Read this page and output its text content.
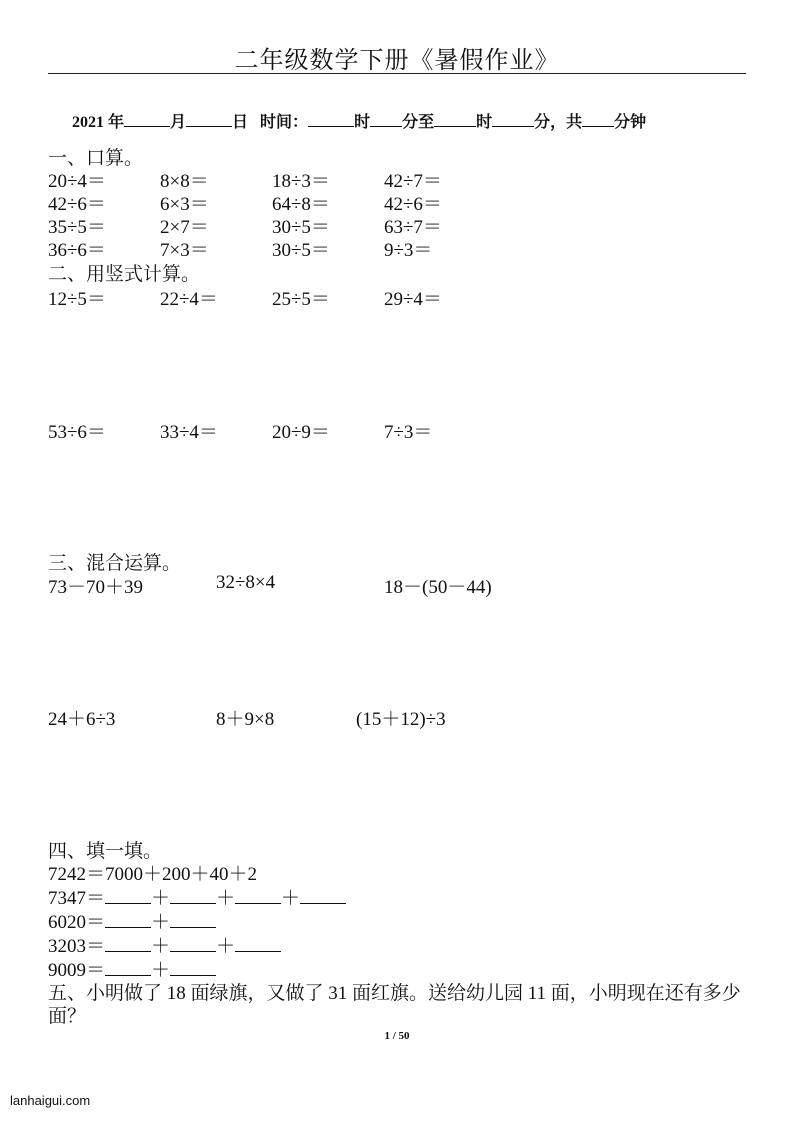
二年级数学下册《暑假作业》
2021 年	月	日 时间：	时 分至	时	分，共 分钟
一、口算。
20÷4＝	8×8＝	18÷3＝	42÷7＝
42÷6＝	6×3＝	64÷8＝	42÷6＝
35÷5＝	2×7＝	30÷5＝	63÷7＝
36÷6＝	7×3＝	30÷5＝	9÷3＝
二、用竖式计算。
12÷5＝	22÷4＝	25÷5＝	29÷4＝
53÷6＝	33÷4＝	20÷9＝	7÷3＝
三、混合运算。
73－70＋39	32÷8×4	18－(50－44)
24＋6÷3	8＋9×8	(15＋12)÷3
四、填一填。
7242＝7000＋200＋40＋2
7347＝ ＋ ＋ ＋
6020＝ ＋
3203＝ ＋ ＋
9009＝ ＋
五、小明做了 18 面绿旗，又做了 31 面红旗。送给幼儿园 11 面，小明现在还有多少面？
1 / 50
lanhaigui.com
